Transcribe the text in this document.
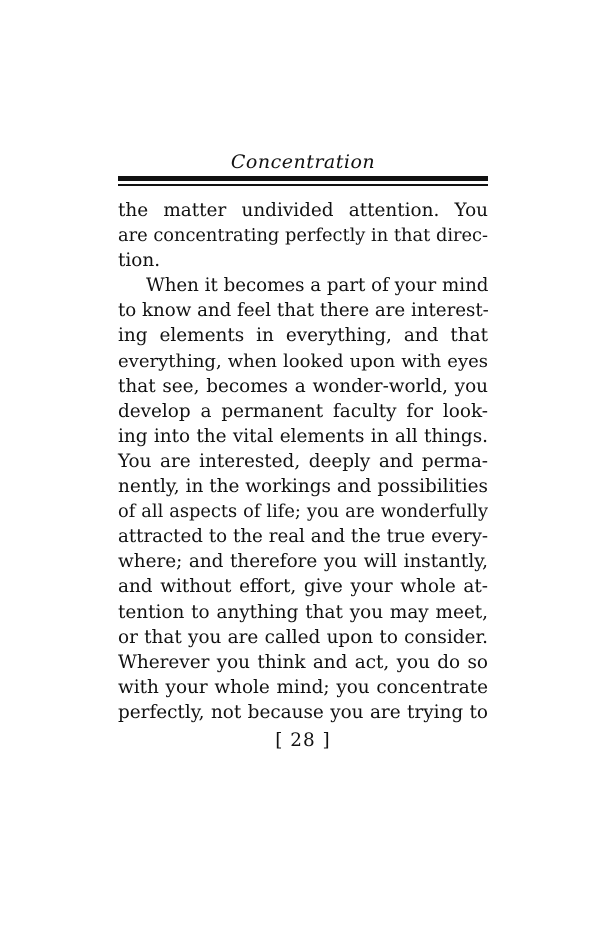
Concentration
the matter undivided attention. You
are concentrating perfectly in that direc-
tion.
When it becomes a part of your mind
to know and feel that there are interest-
ing elements in everything, and that
everything, when looked upon with eyes
that see, becomes a wonder-world, you
develop a permanent faculty for look-
ing into the vital elements in all things.
You are interested, deeply and perma-
nently, in the workings and possibilities
of all aspects of life; you are wonderfully
attracted to the real and the true every-
where; and therefore you will instantly,
and without effort, give your whole at-
tention to anything that you may meet,
or that you are called upon to consider.
Wherever you think and act, you do so
with your whole mind; you concentrate
perfectly, not because you are trying to
[ 28 ]
